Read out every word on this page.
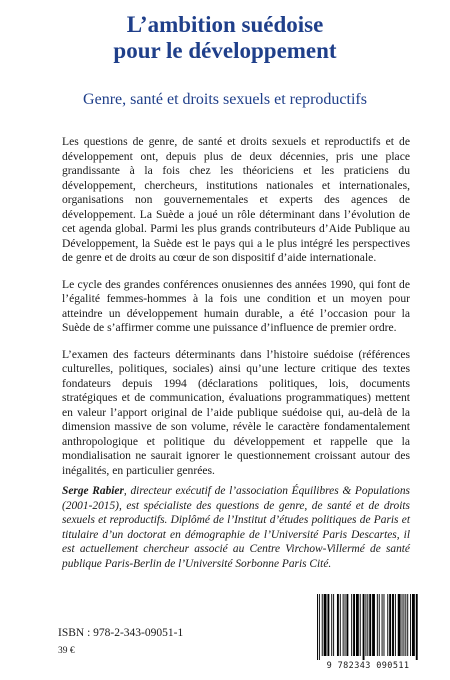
L’ambition suédoise
pour le développement
Genre, santé et droits sexuels et reproductifs

Les questions de genre, de santé et droits sexuels et reproductifs et de développement ont, depuis plus de deux décennies, pris une place grandissante à la fois chez les théoriciens et les praticiens du développement, chercheurs, institutions nationales et internationales, organisations non gouvernementales et experts des agences de développement. La Suède a joué un rôle déterminant dans l’évolution de cet agenda global. Parmi les plus grands contributeurs d’Aide Publique au Développement, la Suède est le pays qui a le plus intégré les perspectives de genre et de droits au cœur de son dispositif d’aide internationale.

Le cycle des grandes conférences onusiennes des années 1990, qui font de l’égalité femmes-hommes à la fois une condition et un moyen pour atteindre un développement humain durable, a été l’occasion pour la Suède de s’affirmer comme une puissance d’influence de premier ordre.

L’examen des facteurs déterminants dans l’histoire suédoise (références culturelles, politiques, sociales) ainsi qu’une lecture critique des textes fondateurs depuis 1994 (déclarations politiques, lois, documents stratégiques et de communication, évaluations programmatiques) mettent en valeur l’apport original de l’aide publique suédoise qui, au-delà de la dimension massive de son volume, révèle le caractère fondamentalement anthropologique et politique du développement et rappelle que la mondialisation ne saurait ignorer le questionnement croissant autour des inégalités, en particulier genrées.

Serge Rabier, directeur exécutif de l’association Équilibres & Populations (2001-2015), est spécialiste des questions de genre, de santé et de droits sexuels et reproductifs. Diplômé de l’Institut d’études politiques de Paris et titulaire d’un doctorat en démographie de l’Université Paris Descartes, il est actuellement chercheur associé au Centre Virchow-Villermé de santé publique Paris-Berlin de l’Université Sorbonne Paris Cité.
ISBN : 978-2-343-09051-1
39 €
9 782343 090511
